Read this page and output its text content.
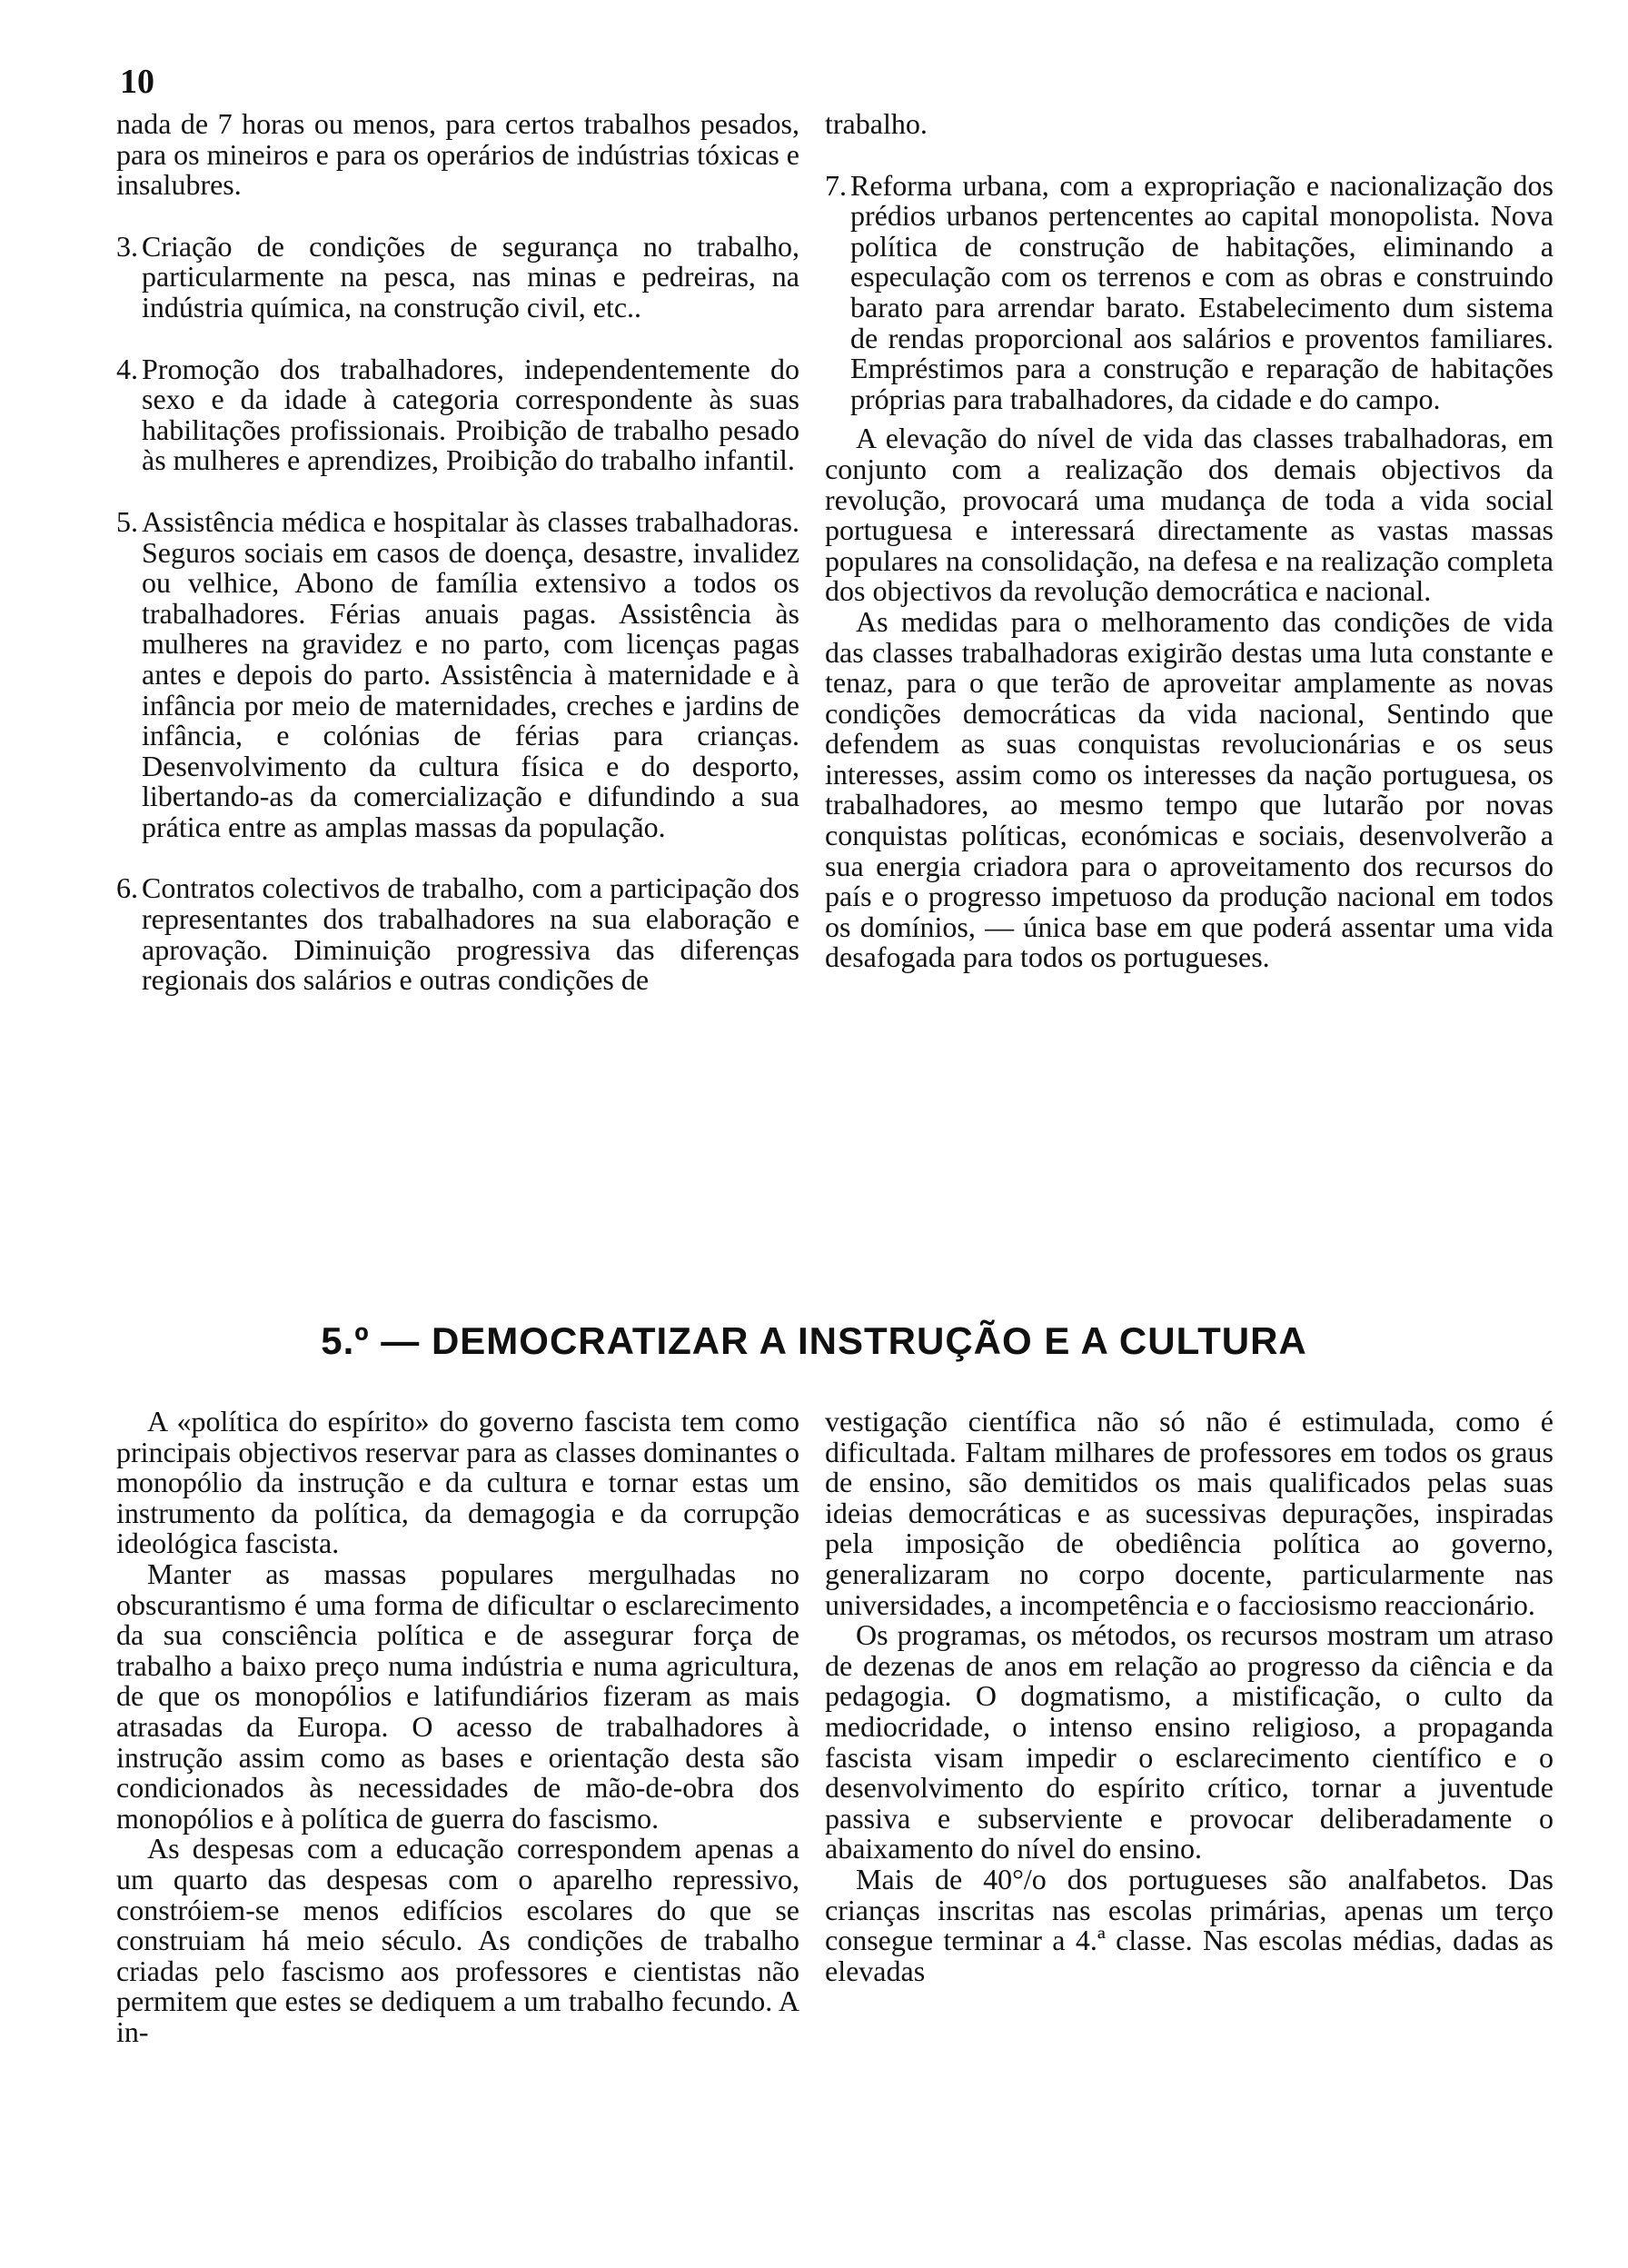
10

nada de 7 horas ou menos, para certos trabalhos pesados, para os mineiros e para os operários de indústrias tóxicas e insalubres.

3. Criação de condições de segurança no trabalho, particularmente na pesca, nas minas e pedreiras, na indústria química, na construção civil, etc..
4. Promoção dos trabalhadores, independentemente do sexo e da idade à categoria correspondente às suas habilitações profissionais. Proibição de trabalho pesado às mulheres e aprendizes, Proibição do trabalho infantil.
5. Assistência médica e hospitalar às classes trabalhadoras. Seguros sociais em casos de doença, desastre, invalidez ou velhice, Abono de família extensivo a todos os trabalhadores. Férias anuais pagas. Assistência às mulheres na gravidez e no parto, com licenças pagas antes e depois do parto. Assistência à maternidade e à infância por meio de maternidades, creches e jardins de infância, e colónias de férias para crianças. Desenvolvimento da cultura física e do desporto, libertando-as da comercialização e difundindo a sua prática entre as amplas massas da população.
6. Contratos colectivos de trabalho, com a participação dos representantes dos trabalhadores na sua elaboração e aprovação. Diminuição progressiva das diferenças regionais dos salários e outras condições de

trabalho.

7. Reforma urbana, com a expropriação e nacionalização dos prédios urbanos pertencentes ao capital monopolista. Nova política de construção de habitações, eliminando a especulação com os terrenos e com as obras e construindo barato para arrendar barato. Estabelecimento dum sistema de rendas proporcional aos salários e proventos familiares. Empréstimos para a construção e reparação de habitações próprias para trabalhadores, da cidade e do campo.

A elevação do nível de vida das classes trabalhadoras, em conjunto com a realização dos demais objectivos da revolução, provocará uma mudança de toda a vida social portuguesa e interessará directamente as vastas massas populares na consolidação, na defesa e na realização completa dos objectivos da revolução democrática e nacional.

As medidas para o melhoramento das condições de vida das classes trabalhadoras exigirão destas uma luta constante e tenaz, para o que terão de aproveitar amplamente as novas condições democráticas da vida nacional, Sentindo que defendem as suas conquistas revolucionárias e os seus interesses, assim como os interesses da nação portuguesa, os trabalhadores, ao mesmo tempo que lutarão por novas conquistas políticas, económicas e sociais, desenvolverão a sua energia criadora para o aproveitamento dos recursos do país e o progresso impetuoso da produção nacional em todos os domínios, — única base em que poderá assentar uma vida desafogada para todos os portugueses.

5.º — DEMOCRATIZAR A INSTRUÇÃO E A CULTURA

A «política do espírito» do governo fascista tem como principais objectivos reservar para as classes dominantes o monopólio da instrução e da cultura e tornar estas um instrumento da política, da demagogia e da corrupção ideológica fascista.

Manter as massas populares mergulhadas no obscurantismo é uma forma de dificultar o esclarecimento da sua consciência política e de assegurar força de trabalho a baixo preço numa indústria e numa agricultura, de que os monopólios e latifundiários fizeram as mais atrasadas da Europa. O acesso de trabalhadores à instrução assim como as bases e orientação desta são condicionados às necessidades de mão-de-obra dos monopólios e à política de guerra do fascismo.

As despesas com a educação correspondem apenas a um quarto das despesas com o aparelho repressivo, constróiem-se menos edifícios escolares do que se construiam há meio século. As condições de trabalho criadas pelo fascismo aos professores e cientistas não permitem que estes se dediquem a um trabalho fecundo. A in-

vestigação científica não só não é estimulada, como é dificultada. Faltam milhares de professores em todos os graus de ensino, são demitidos os mais qualificados pelas suas ideias democráticas e as sucessivas depurações, inspiradas pela imposição de obediência política ao governo, generalizaram no corpo docente, particularmente nas universidades, a incompetência e o facciosismo reaccionário.

Os programas, os métodos, os recursos mostram um atraso de dezenas de anos em relação ao progresso da ciência e da pedagogia. O dogmatismo, a mistificação, o culto da mediocridade, o intenso ensino religioso, a propaganda fascista visam impedir o esclarecimento científico e o desenvolvimento do espírito crítico, tornar a juventude passiva e subserviente e provocar deliberadamente o abaixamento do nível do ensino.

Mais de 40°/o dos portugueses são analfabetos. Das crianças inscritas nas escolas primárias, apenas um terço consegue terminar a 4.ª classe. Nas escolas médias, dadas as elevadas
